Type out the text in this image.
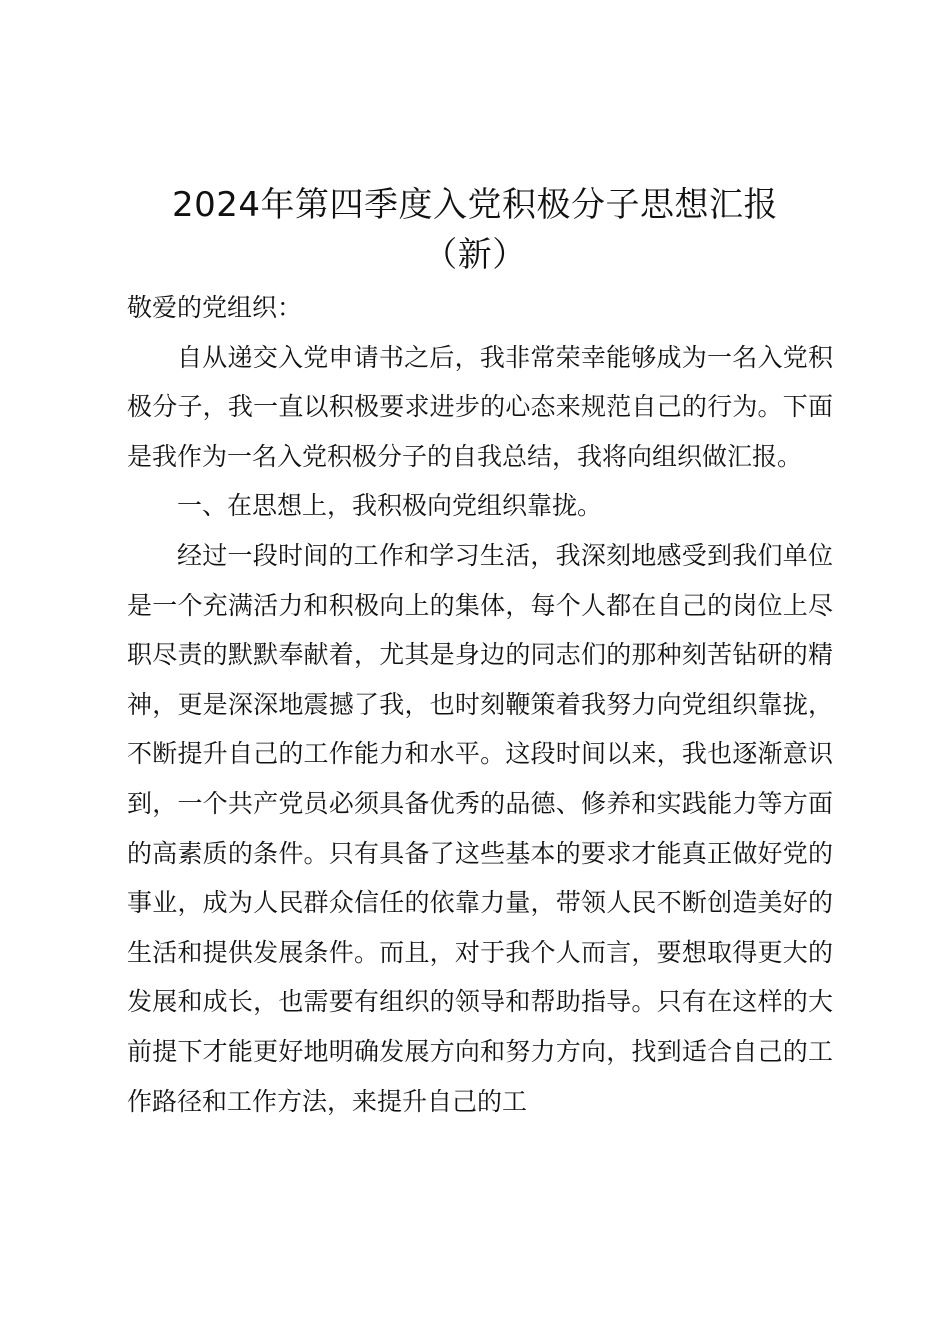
2024年第四季度入党积极分子思想汇报
（新）

敬爱的党组织：

自从递交入党申请书之后，我非常荣幸能够成为一名入党积极分子，我一直以积极要求进步的心态来规范自己的行为。下面是我作为一名入党积极分子的自我总结，我将向组织做汇报。

一、在思想上，我积极向党组织靠拢。

经过一段时间的工作和学习生活，我深刻地感受到我们单位是一个充满活力和积极向上的集体，每个人都在自己的岗位上尽职尽责的默默奉献着，尤其是身边的同志们的那种刻苦钻研的精神，更是深深地震撼了我，也时刻鞭策着我努力向党组织靠拢，不断提升自己的工作能力和水平。这段时间以来，我也逐渐意识到，一个共产党员必须具备优秀的品德、修养和实践能力等方面的高素质的条件。只有具备了这些基本的要求才能真正做好党的事业，成为人民群众信任的依靠力量，带领人民不断创造美好的生活和提供发展条件。而且，对于我个人而言，要想取得更大的发展和成长，也需要有组织的领导和帮助指导。只有在这样的大前提下才能更好地明确发展方向和努力方向，找到适合自己的工作路径和工作方法，来提升自己的工
